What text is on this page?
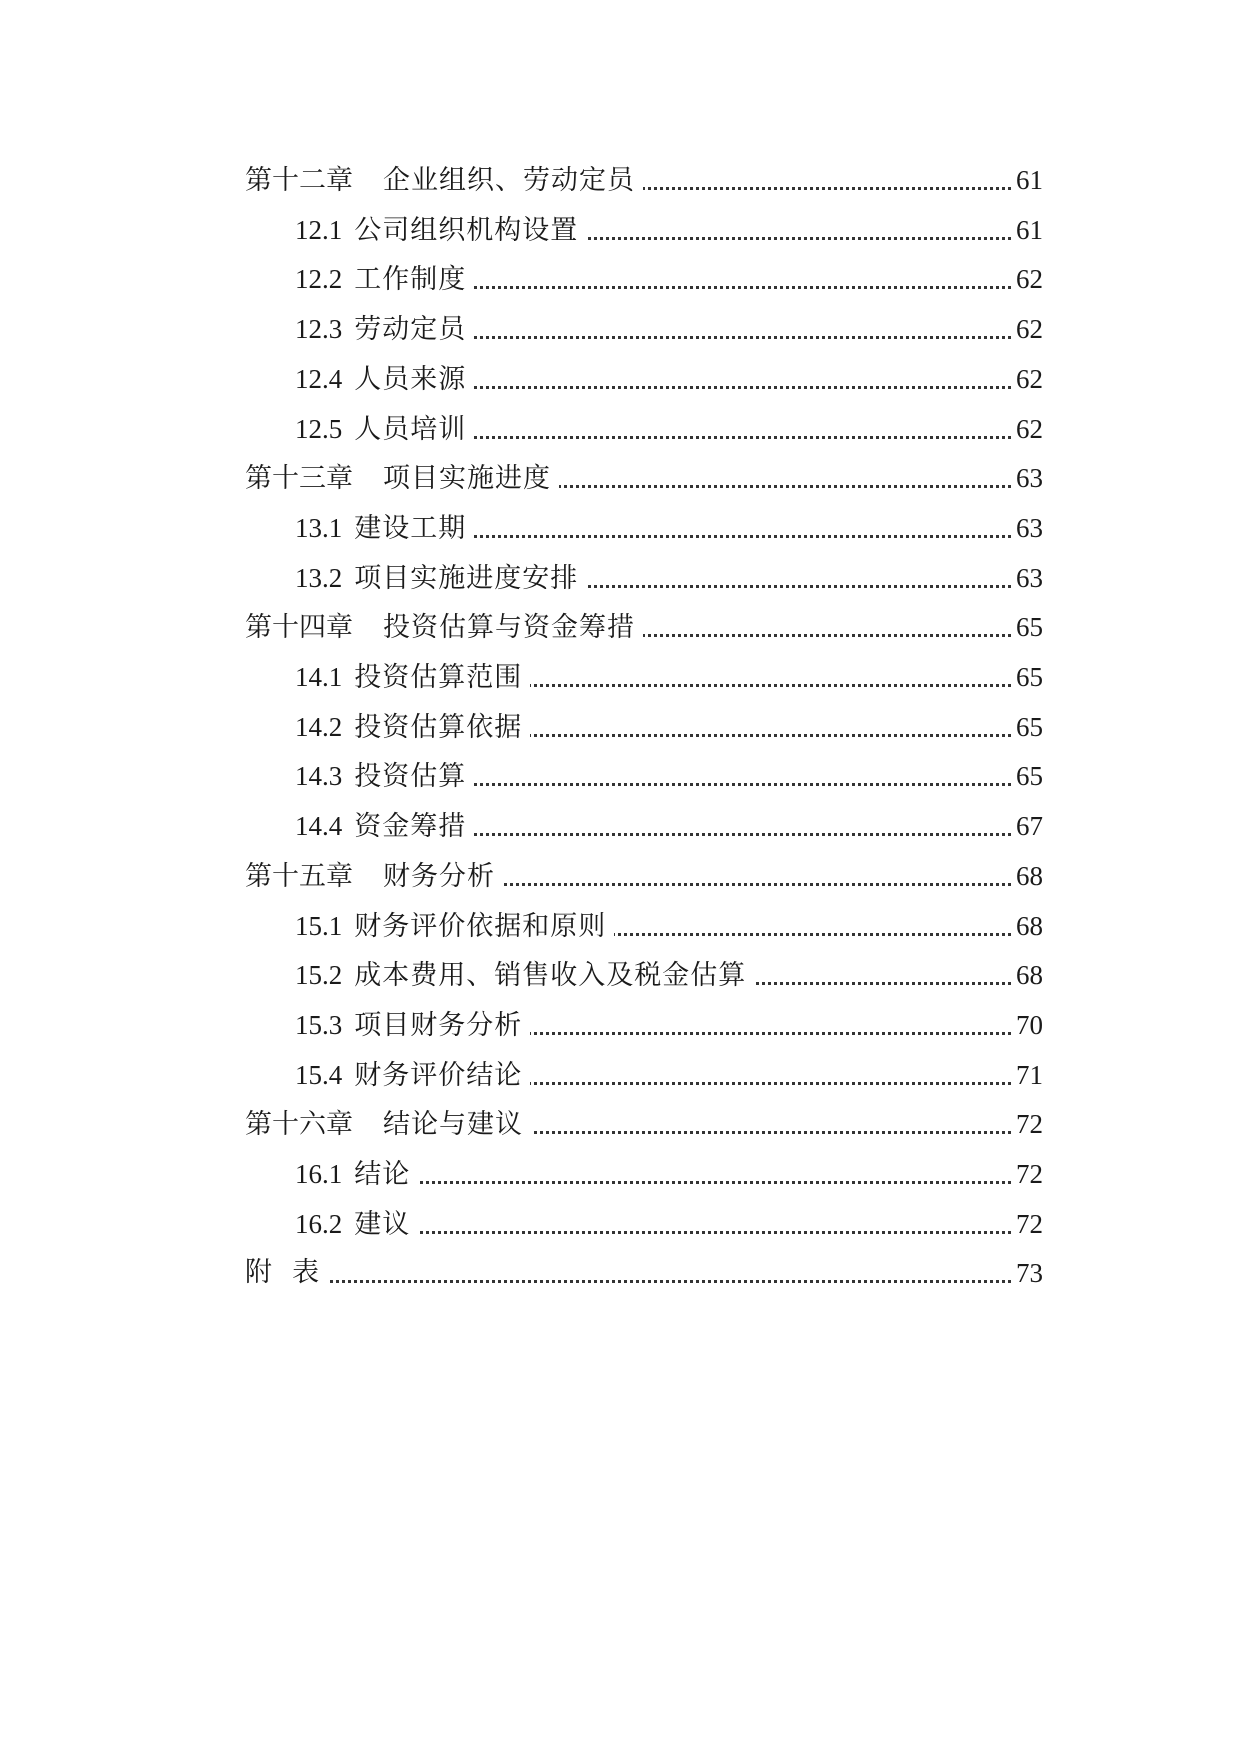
第十二章 企业组织、劳动定员	61
12.1 公司组织机构设置	61
12.2 工作制度	62
12.3 劳动定员	62
12.4 人员来源	62
12.5 人员培训	62
第十三章 项目实施进度	63
13.1 建设工期	63
13.2 项目实施进度安排	63
第十四章 投资估算与资金筹措	65
14.1 投资估算范围	65
14.2 投资估算依据	65
14.3 投资估算	65
14.4 资金筹措	67
第十五章 财务分析	68
15.1 财务评价依据和原则	68
15.2 成本费用、销售收入及税金估算	68
15.3 项目财务分析	70
15.4 财务评价结论	71
第十六章 结论与建议	72
16.1 结论	72
16.2 建议	72
附  表	73
